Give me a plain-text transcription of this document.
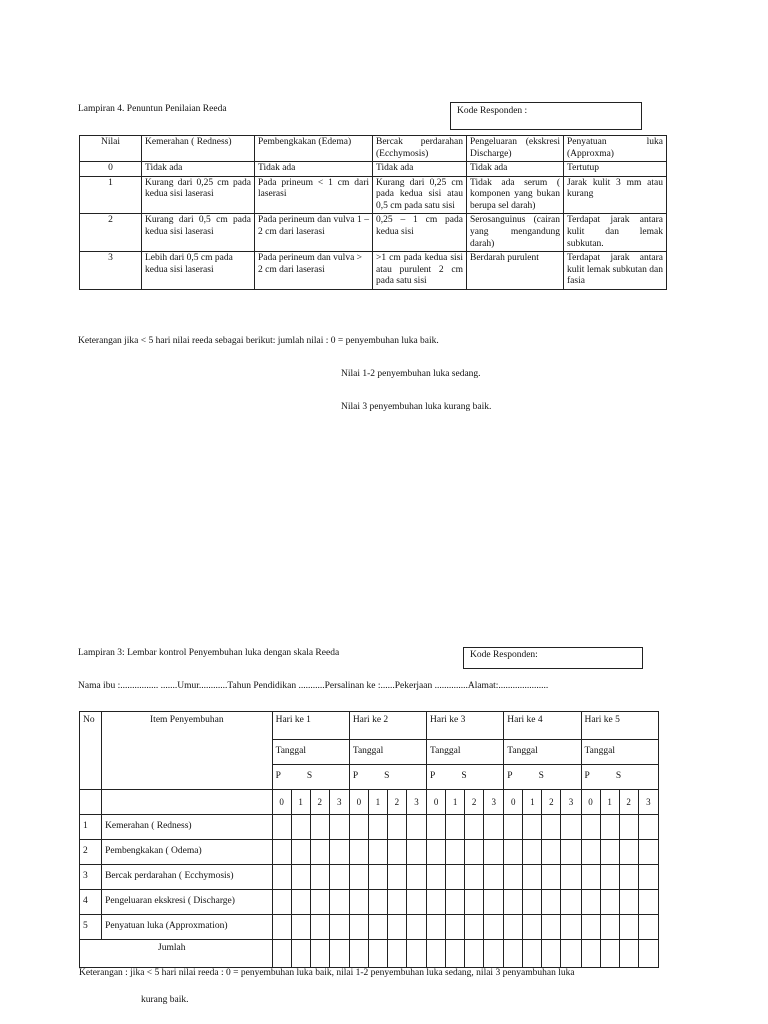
Lampiran 4. Penuntun Penilaian Reeda	Kode Responden :
Nilai	Kemerahan ( Redness)	Pembengkakan (Edema)	Bercak perdarahan (Ecchymosis)	Pengeluaran (ekskresi Discharge)	Penyatuan luka (Approxma)
0	Tidak ada	Tidak ada	Tidak ada	Tidak ada	Tertutup
1	Kurang dari 0,25 cm pada kedua sisi laserasi	Pada prineum < 1 cm dari laserasi	Kurang dari 0,25 cm pada kedua sisi atau 0,5 cm pada satu sisi	Tidak ada serum ( komponen yang bukan berupa sel darah)	Jarak kulit 3 mm atau kurang
2	Kurang dari 0,5 cm pada kedua sisi laserasi	Pada perineum dan vulva 1 – 2 cm dari laserasi	0,25 – 1 cm pada kedua sisi	Serosanguinus (cairan yang mengandung darah)	Terdapat jarak antara kulit dan lemak subkutan.
3	Lebih dari 0,5 cm pada kedua sisi laserasi	Pada perineum dan vulva > 2 cm dari laserasi	>1 cm pada kedua sisi atau purulent 2 cm pada satu sisi	Berdarah purulent	Terdapat jarak antara kulit lemak subkutan dan fasia
Keterangan jika < 5 hari nilai reeda sebagai berikut: jumlah nilai : 0 = penyembuhan luka baik.
Nilai 1-2 penyembuhan luka sedang.
Nilai 3 penyembuhan luka kurang baik.
Lampiran 3: Lembar kontrol Penyembuhan luka dengan skala Reeda	Kode Responden:
Nama ibu :................ .......Umur............Tahun Pendidikan ...........Persalinan ke :......Pekerjaan ..............Alamat:.....................
No	Item Penyembuhan	Hari ke 1				Hari ke 2				Hari ke 3				Hari ke 4				Hari ke 5			
		Tanggal				Tanggal				Tanggal				Tanggal				Tanggal			
		P S				P S				P S				P S				P S			
		0	1	2	3	0	1	2	3	0	1	2	3	0	1	2	3	0	1	2	3
1	Kemerahan ( Redness)																				
2	Pembengkakan ( Odema)																				
3	Bercak perdarahan ( Ecchymosis)																				
4	Pengeluaran ekskresi ( Discharge)																				
5	Penyatuan luka (Approxmation)																				
Jumlah																					
Keterangan : jika < 5 hari nilai reeda : 0 = penyembuhan luka baik, nilai 1-2 penyembuhan luka sedang, nilai 3 penyambuhan luka
kurang baik.
